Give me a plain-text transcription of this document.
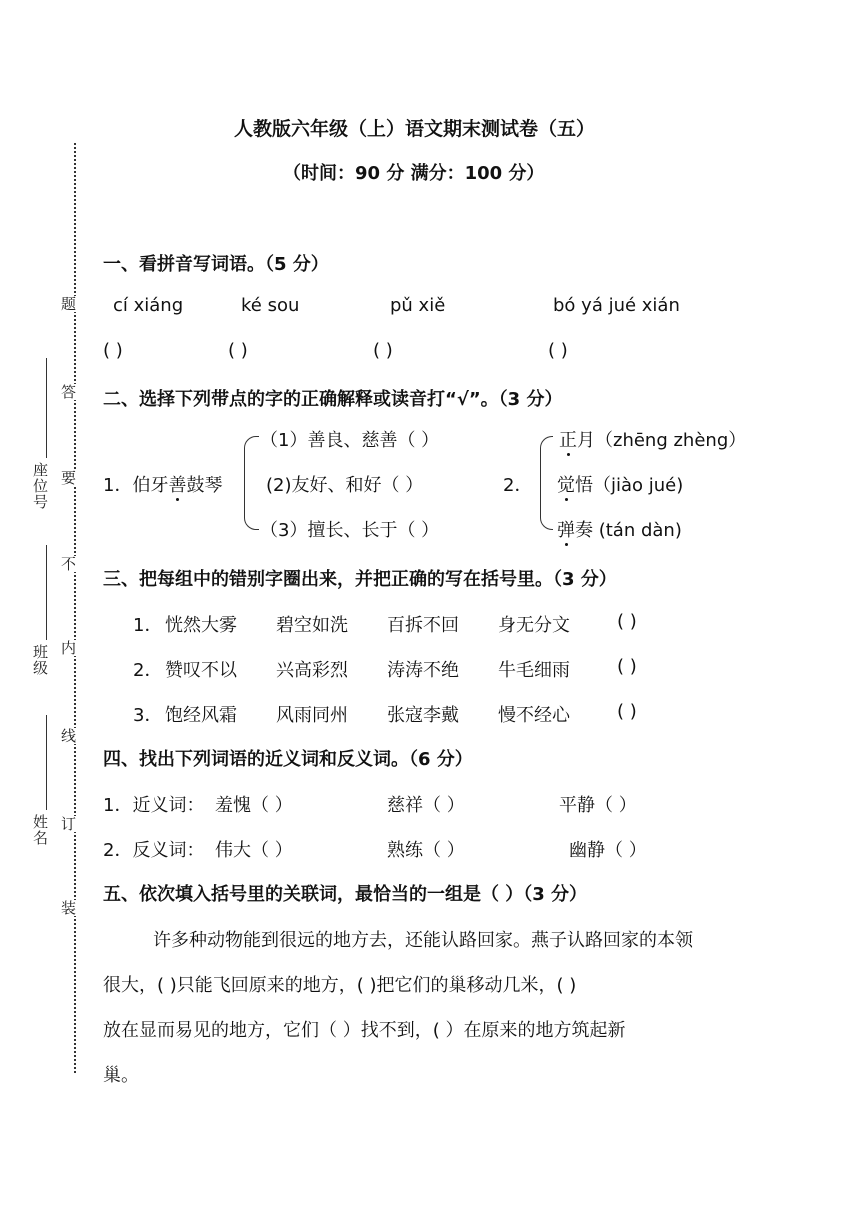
题
答
要
不
内
线
订
装
座位号
班级
姓名
人教版六年级（上）语文期末测试卷（五）
（时间：90 分 满分：100 分）
一、看拼音写词语。（5 分）
cí xiáng	ké sou	pǔ xiě	bó yá jué xián
( )	( )	( )	( )
二、选择下列带点的字的正确解释或读音打“√”。（3 分）
1．伯牙善鼓琴
（1）善良、慈善（ ）
(2)友好、和好（ ）
（3）擅长、长于（ ）
2．
正月（zhēng zhèng）
觉悟（jiào jué)
弹奏 (tán dàn)
三、把每组中的错别字圈出来，并把正确的写在括号里。（3 分）
1． 恍然大雾 碧空如洗 百拆不回 身无分文	( )
2． 赞叹不以 兴高彩烈 涛涛不绝 牛毛细雨	( )
3． 饱经风霜 风雨同州 张寇李戴 慢不经心	( )
四、找出下列词语的近义词和反义词。（6 分）
1．近义词： 羞愧（ ）	慈祥（ ）	平静（ ）
2．反义词： 伟大（ ）	熟练（ ）	幽静（ ）
五、依次填入括号里的关联词，最恰当的一组是（ ）（3 分）
许多种动物能到很远的地方去，还能认路回家。燕子认路回家的本领
很大，( )只能飞回原来的地方，( )把它们的巢移动几米，( )
放在显而易见的地方，它们（ ）找不到，( ）在原来的地方筑起新
巢。
